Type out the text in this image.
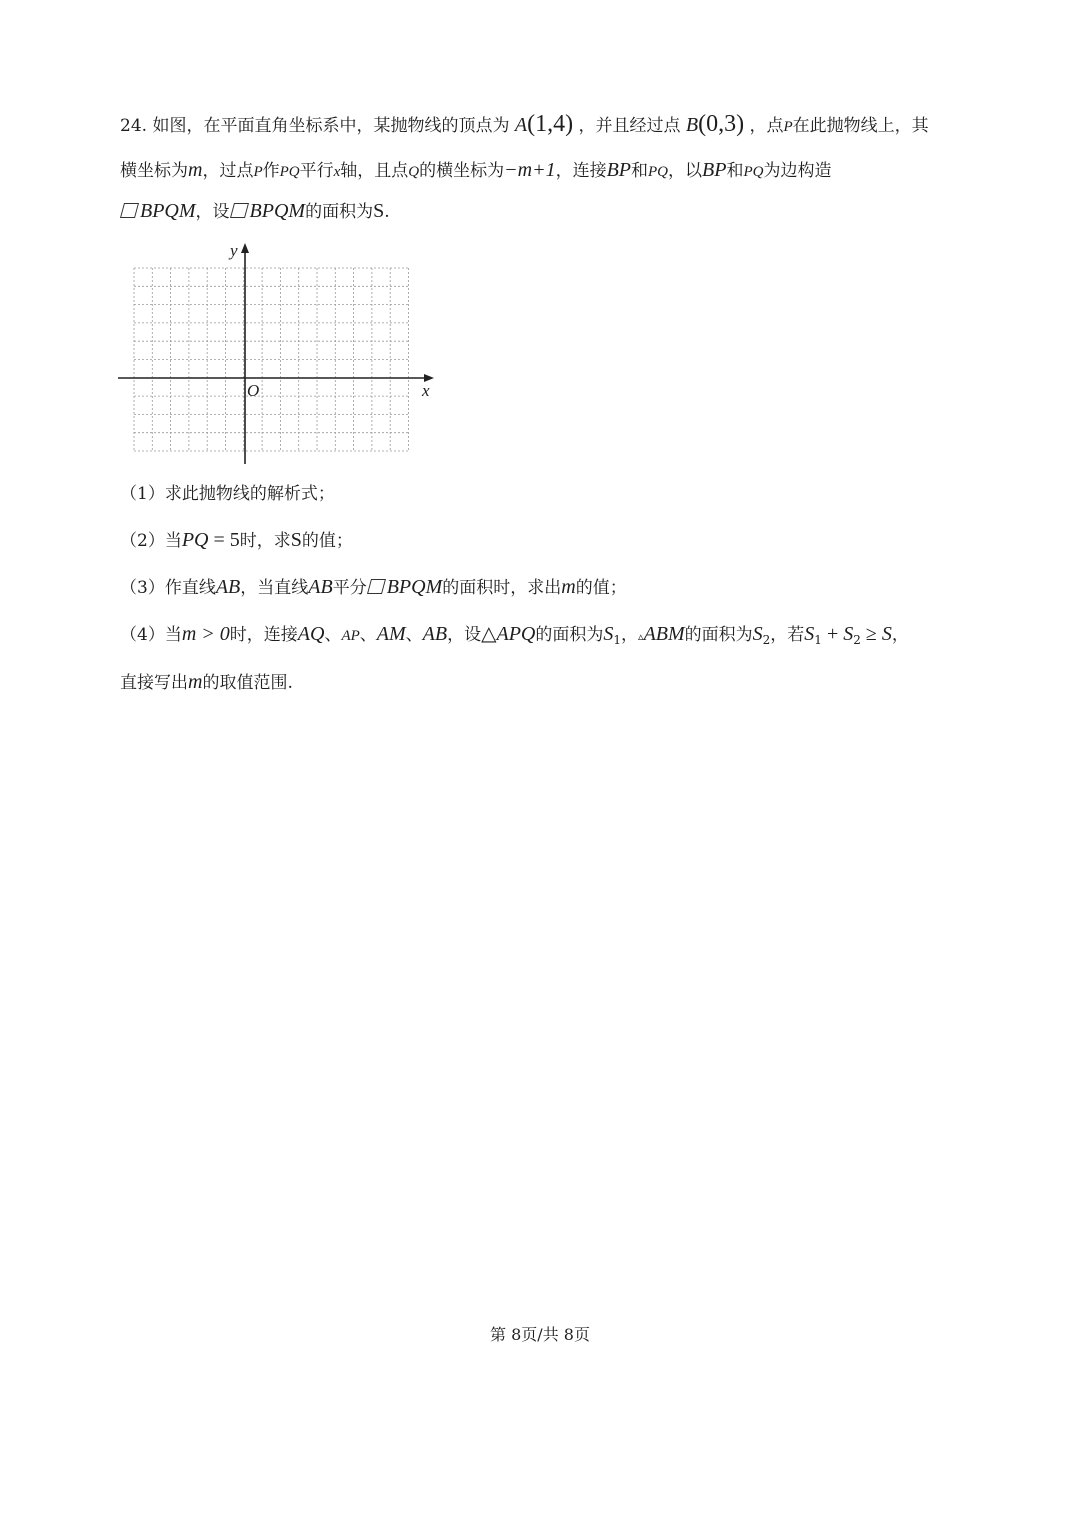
24. 如图，在平面直角坐标系中，某抛物线的顶点为 A(1,4) ，并且经过点 B(0,3) ，点P在此抛物线上，其
横坐标为m，过点P作PQ平行x轴，且点Q的横坐标为−m+1，连接BP和PQ，以BP和PQ为边构造
BPQM，设 BPQM的面积为S.
y
x
O
（1）求此抛物线的解析式；
（2）当PQ = 5时，求S的值；
（3）作直线AB，当直线AB平分 BPQM的面积时，求出m的值；
（4）当m > 0时，连接AQ、AP、AM、AB，设△APQ的面积为$S_1$，▵ABM的面积为$S_2$，若$S_1 + S_2 \ge S$，
直接写出m的取值范围.
第 8页/共 8页
